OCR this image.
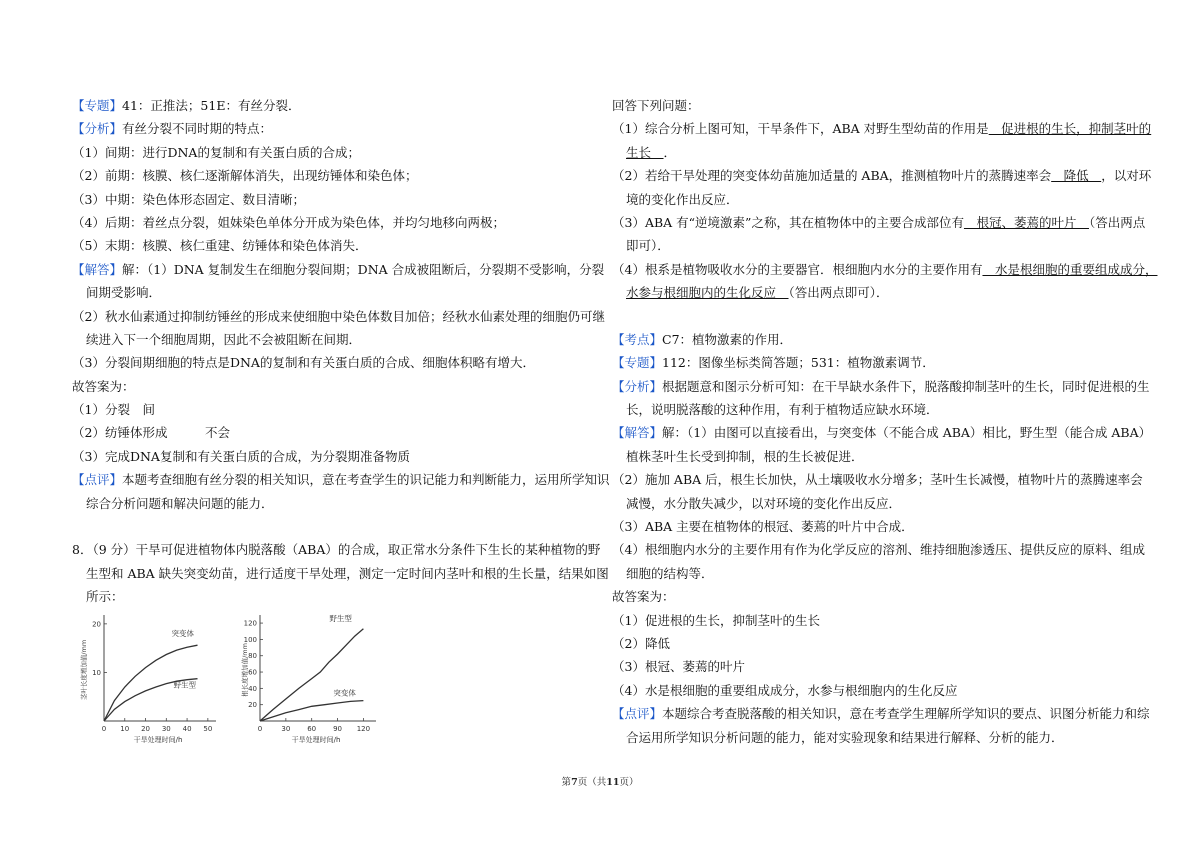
【专题】41：正推法；51E：有丝分裂．
【分析】有丝分裂不同时期的特点：
（1）间期：进行DNA的复制和有关蛋白质的合成；
（2）前期：核膜、核仁逐渐解体消失，出现纺锤体和染色体；
（3）中期：染色体形态固定、数目清晰；
（4）后期：着丝点分裂，姐妹染色单体分开成为染色体，并均匀地移向两极；
（5）末期：核膜、核仁重建、纺锤体和染色体消失．
【解答】解：（1）DNA 复制发生在细胞分裂间期；DNA 合成被阻断后，分裂期不受影响，分裂
间期受影响．
（2）秋水仙素通过抑制纺锤丝的形成来使细胞中染色体数目加倍；经秋水仙素处理的细胞仍可继
续进入下一个细胞周期，因此不会被阻断在间期．
（3）分裂间期细胞的特点是DNA的复制和有关蛋白质的合成、细胞体积略有增大．
故答案为：
（1）分裂　间
（2）纺锤体形成　　　不会
（3）完成DNA复制和有关蛋白质的合成，为分裂期准备物质
【点评】本题考查细胞有丝分裂的相关知识，意在考查学生的识记能力和判断能力，运用所学知识
综合分析问题和解决问题的能力．
8．（9 分）干旱可促进植物体内脱落酸（ABA）的合成，取正常水分条件下生长的某种植物的野
生型和 ABA 缺失突变幼苗，进行适度干旱处理，测定一定时间内茎叶和根的生长量，结果如图
所示：
0 10 20 30 40 50
10
20
干旱处理时间/h
茎叶长度增加值/mm
突变体
野生型
0	30 60 90 120
20
40
60
80
100
120
干旱处理时间/h
根长度增加值/mm
野生型
突变体
回答下列问题：
（1）综合分析上图可知，干旱条件下，ABA 对野生型幼苗的作用是　促进根的生长，抑制茎叶的
生长　．
（2）若给干旱处理的突变体幼苗施加适量的 ABA，推测植物叶片的蒸腾速率会　降低　，以对环
境的变化作出反应．
（3）ABA 有“逆境激素”之称，其在植物体中的主要合成部位有　根冠、萎蔫的叶片　（答出两点
即可）．
（4）根系是植物吸收水分的主要器官．根细胞内水分的主要作用有　水是根细胞的重要组成成分，
水参与根细胞内的生化反应　（答出两点即可）．
【考点】C7：植物激素的作用．
【专题】112：图像坐标类简答题；531：植物激素调节．
【分析】根据题意和图示分析可知：在干旱缺水条件下，脱落酸抑制茎叶的生长，同时促进根的生
长，说明脱落酸的这种作用，有利于植物适应缺水环境．
【解答】解：（1）由图可以直接看出，与突变体（不能合成 ABA）相比，野生型（能合成 ABA）
植株茎叶生长受到抑制，根的生长被促进．
（2）施加 ABA 后，根生长加快，从土壤吸收水分增多；茎叶生长减慢，植物叶片的蒸腾速率会
减慢，水分散失减少，以对环境的变化作出反应．
（3）ABA 主要在植物体的根冠、萎蔫的叶片中合成．
（4）根细胞内水分的主要作用有作为化学反应的溶剂、维持细胞渗透压、提供反应的原料、组成
细胞的结构等．
故答案为：
（1）促进根的生长，抑制茎叶的生长
（2）降低
（3）根冠、萎蔫的叶片
（4）水是根细胞的重要组成成分，水参与根细胞内的生化反应
【点评】本题综合考查脱落酸的相关知识，意在考查学生理解所学知识的要点、识图分析能力和综
合运用所学知识分析问题的能力，能对实验现象和结果进行解释、分析的能力．
第7页（共11页）
